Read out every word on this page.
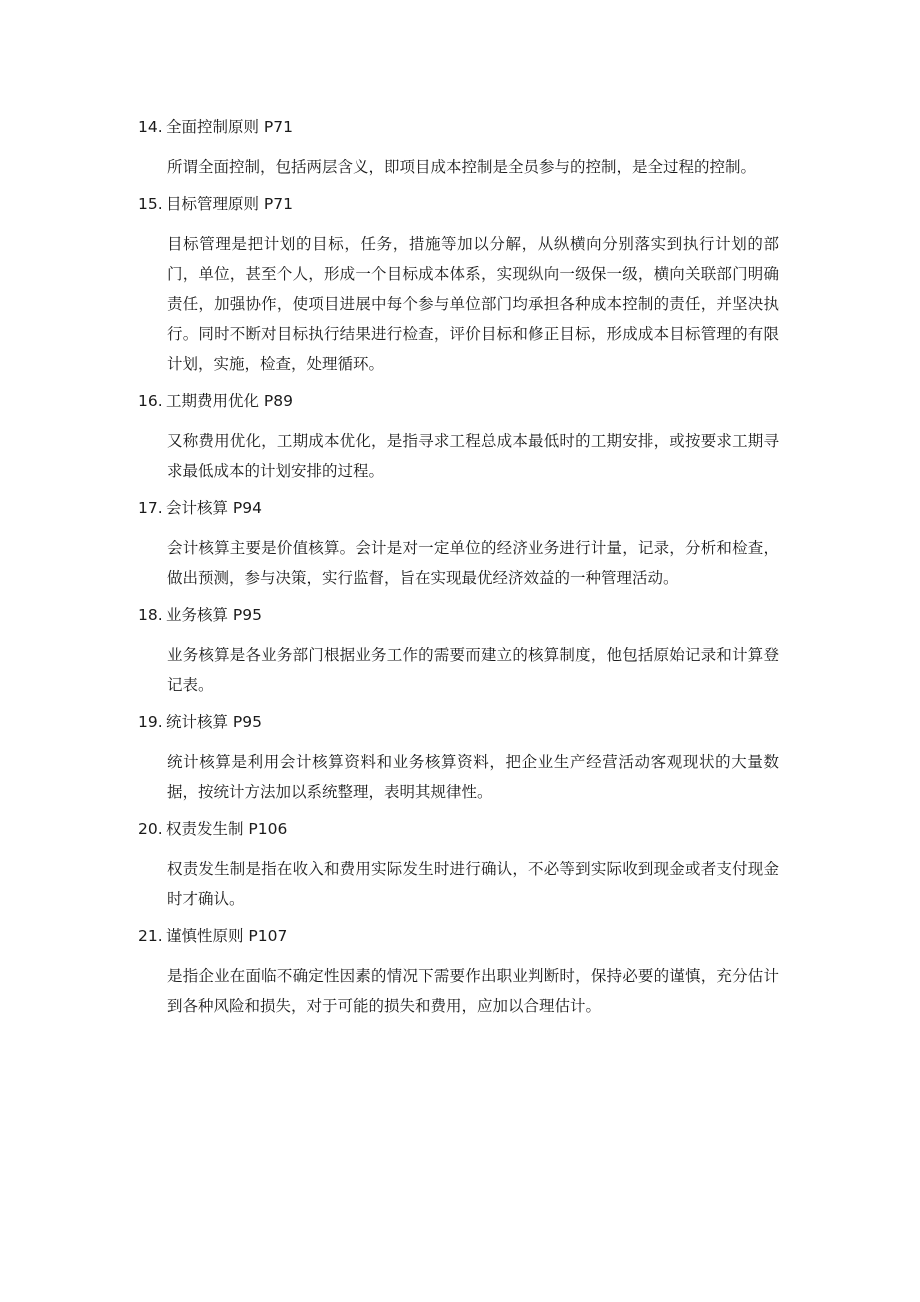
14. 全面控制原则 P71

所谓全面控制，包括两层含义，即项目成本控制是全员参与的控制，是全过程的控制。

15. 目标管理原则 P71

目标管理是把计划的目标，任务，措施等加以分解，从纵横向分别落实到执行计划的部门，单位，甚至个人，形成一个目标成本体系，实现纵向一级保一级，横向关联部门明确责任，加强协作，使项目进展中每个参与单位部门均承担各种成本控制的责任，并坚决执行。同时不断对目标执行结果进行检查，评价目标和修正目标，形成成本目标管理的有限计划，实施，检查，处理循环。

16. 工期费用优化 P89

又称费用优化，工期成本优化，是指寻求工程总成本最低时的工期安排，或按要求工期寻求最低成本的计划安排的过程。

17. 会计核算 P94

会计核算主要是价值核算。会计是对一定单位的经济业务进行计量，记录，分析和检查，做出预测，参与决策，实行监督，旨在实现最优经济效益的一种管理活动。

18. 业务核算 P95

业务核算是各业务部门根据业务工作的需要而建立的核算制度，他包括原始记录和计算登记表。

19. 统计核算 P95

统计核算是利用会计核算资料和业务核算资料，把企业生产经营活动客观现状的大量数据，按统计方法加以系统整理，表明其规律性。

20. 权责发生制 P106

权责发生制是指在收入和费用实际发生时进行确认，不必等到实际收到现金或者支付现金时才确认。

21. 谨慎性原则 P107

是指企业在面临不确定性因素的情况下需要作出职业判断时，保持必要的谨慎，充分估计到各种风险和损失，对于可能的损失和费用，应加以合理估计。
